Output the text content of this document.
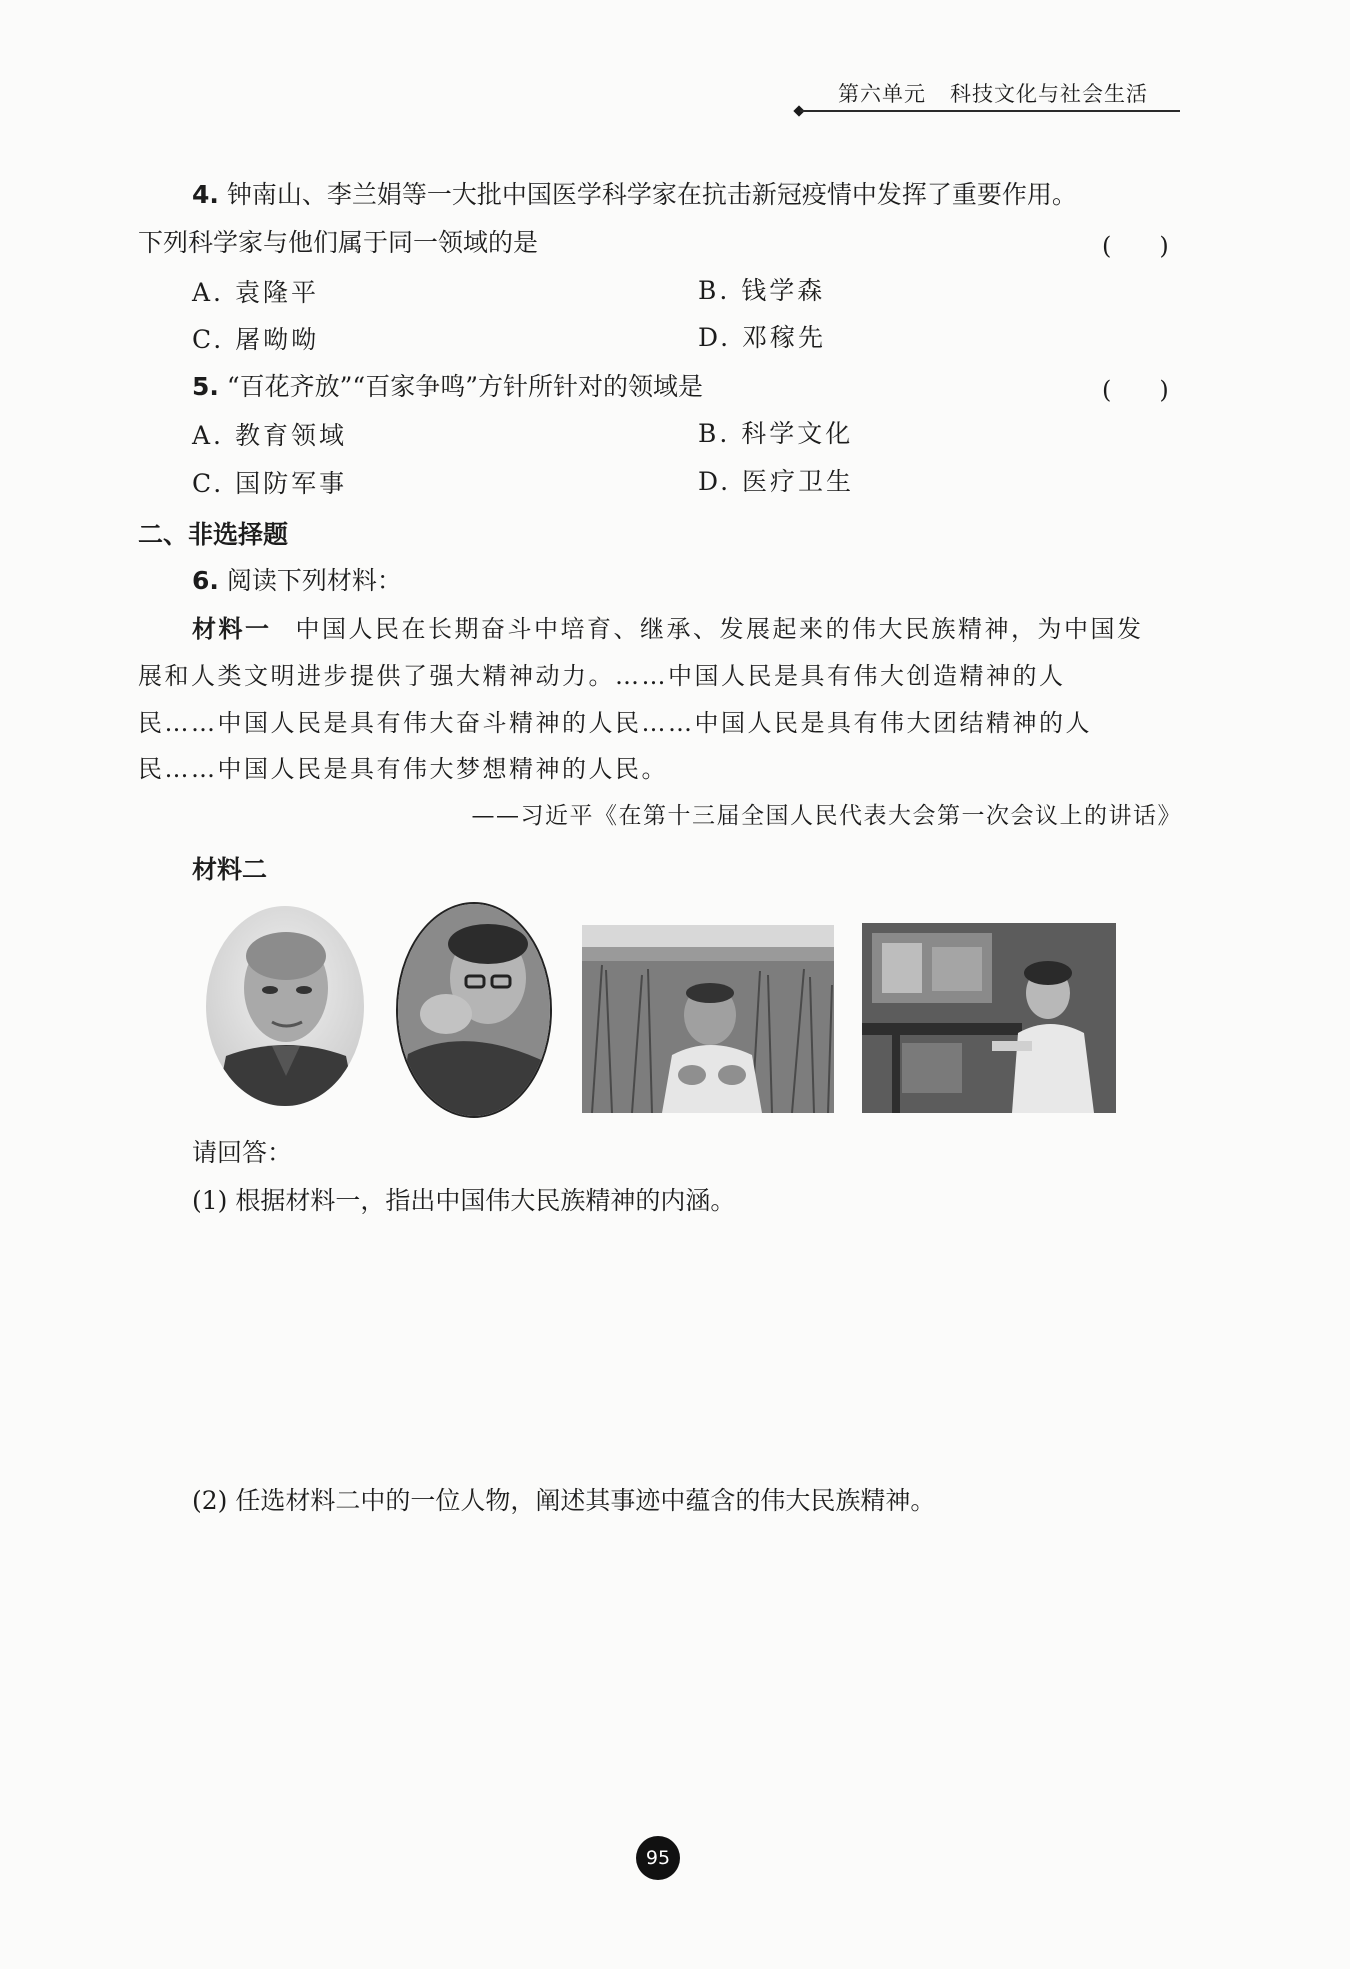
第六单元 科技文化与社会生活
4. 钟南山、李兰娟等一大批中国医学科学家在抗击新冠疫情中发挥了重要作用。
下列科学家与他们属于同一领域的是	(　　)
A. 袁隆平	B. 钱学森
C. 屠呦呦	D. 邓稼先
5. “百花齐放”“百家争鸣”方针所针对的领域是	(　　)
A. 教育领域	B. 科学文化
C. 国防军事	D. 医疗卫生
二、非选择题
6. 阅读下列材料：
材料一 中国人民在长期奋斗中培育、继承、发展起来的伟大民族精神，为中国发
展和人类文明进步提供了强大精神动力。……中国人民是具有伟大创造精神的人
民……中国人民是具有伟大奋斗精神的人民……中国人民是具有伟大团结精神的人
民……中国人民是具有伟大梦想精神的人民。
——习近平《在第十三届全国人民代表大会第一次会议上的讲话》
材料二
请回答：
(1) 根据材料一，指出中国伟大民族精神的内涵。
(2) 任选材料二中的一位人物，阐述其事迹中蕴含的伟大民族精神。
95
